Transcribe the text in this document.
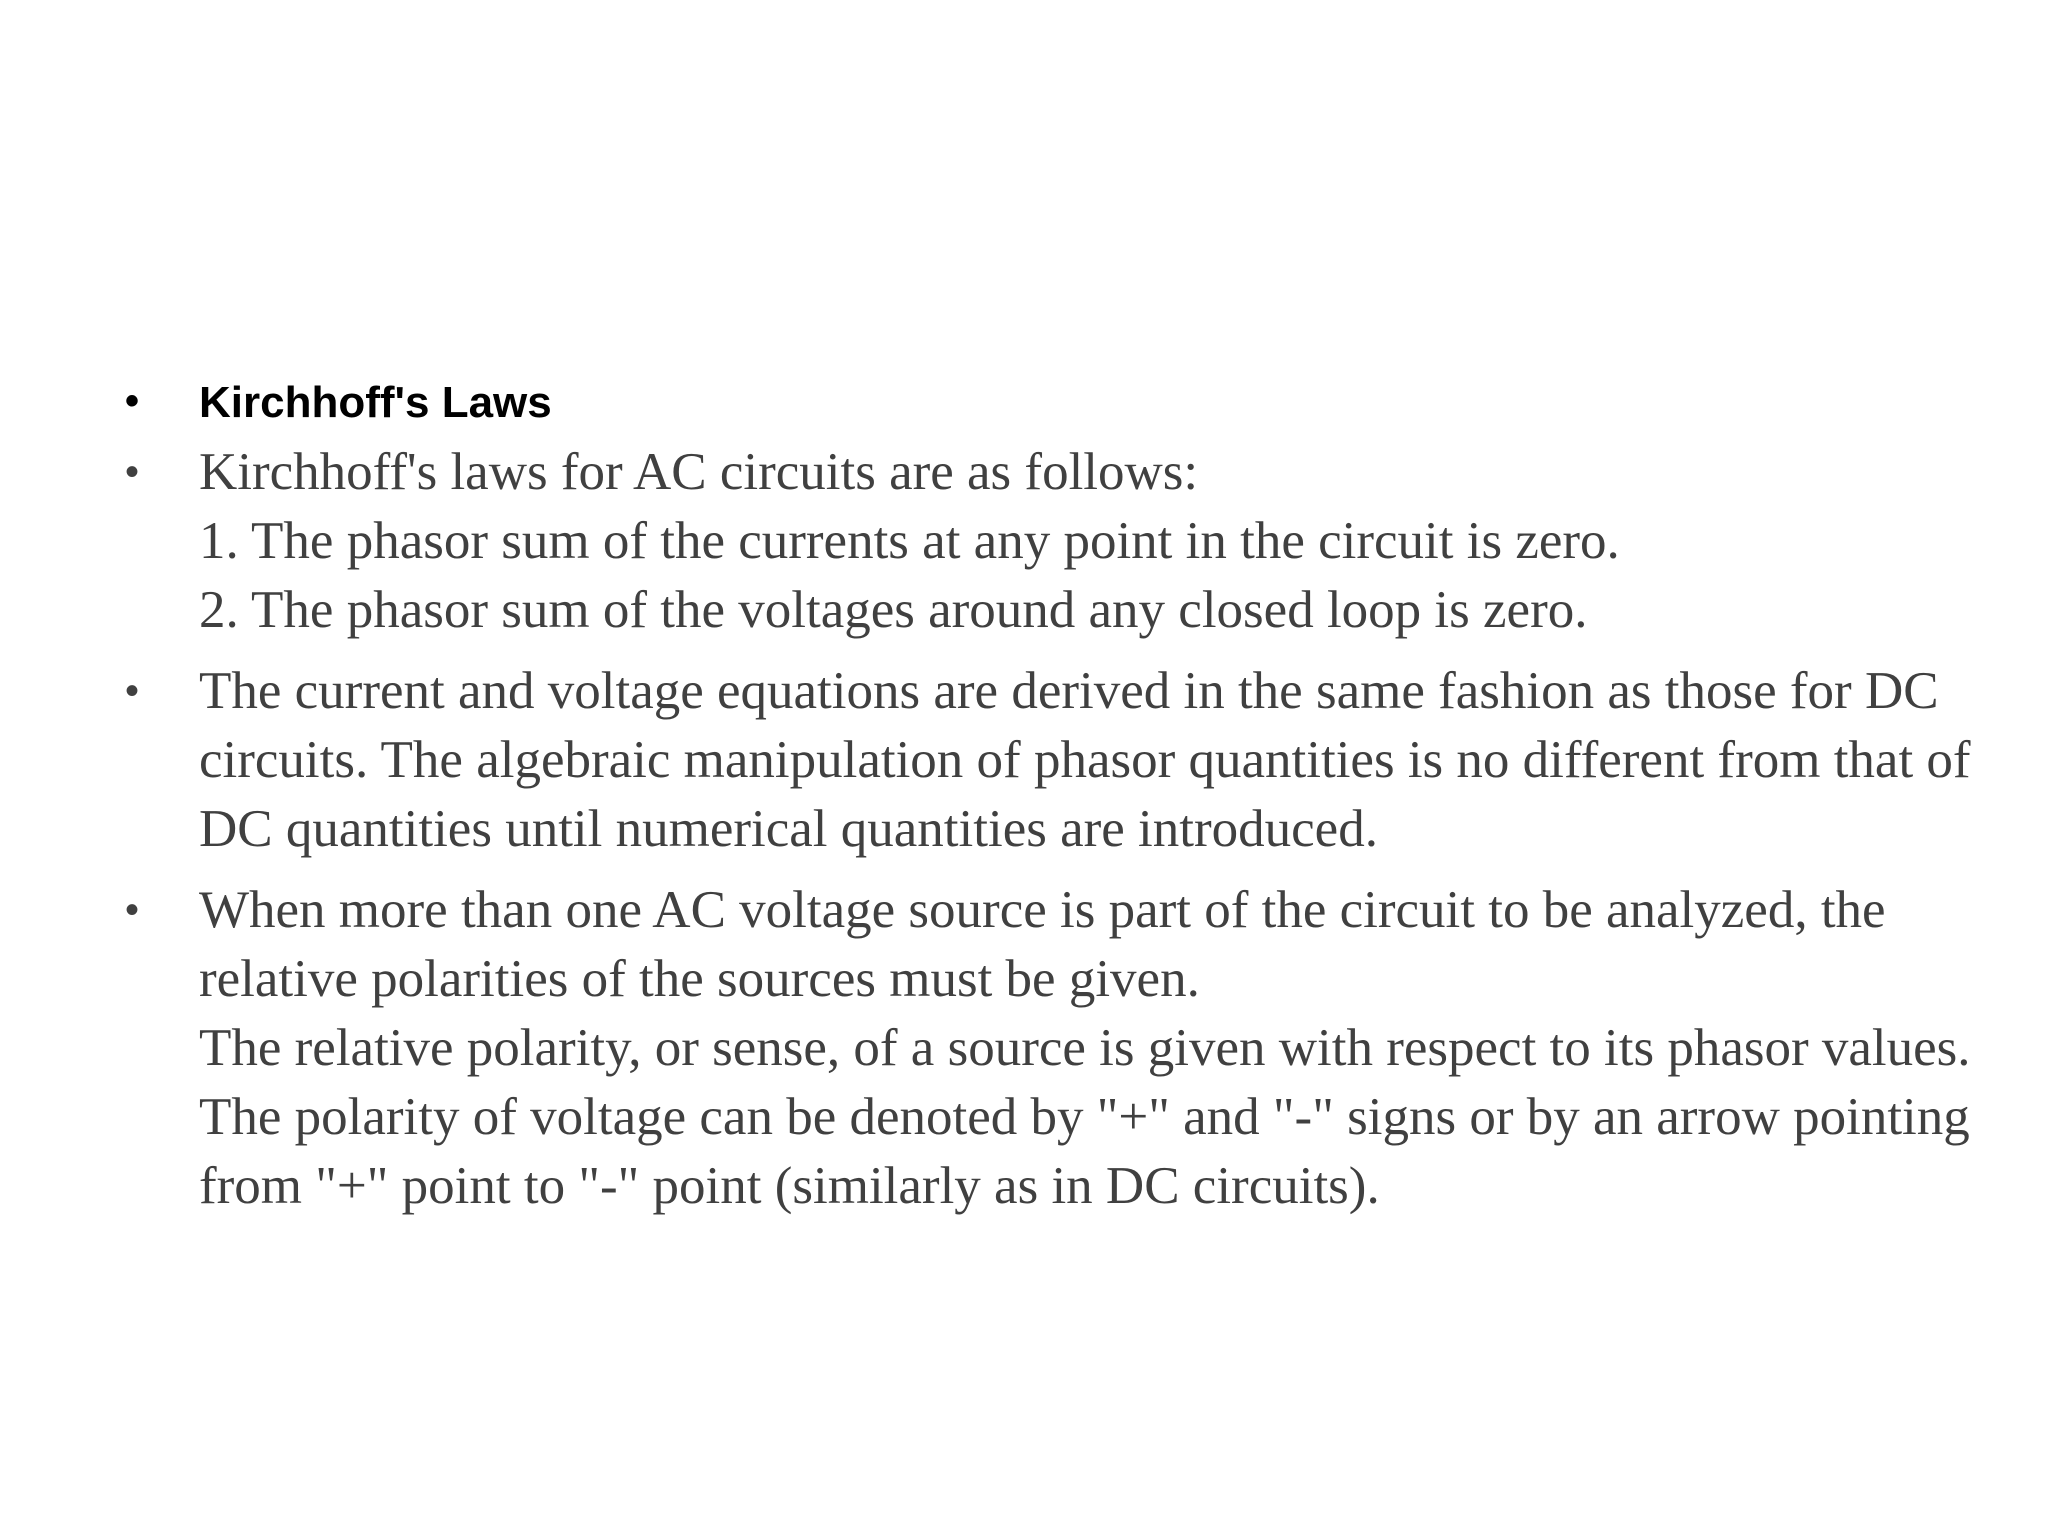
• Kirchhoff's Laws
• Kirchhoff's laws for AC circuits are as follows:
1. The phasor sum of the currents at any point in the circuit is zero.
2. The phasor sum of the voltages around any closed loop is zero.
• The current and voltage equations are derived in the same fashion as those for DC circuits. The algebraic manipulation of phasor quantities is no different from that of DC quantities until numerical quantities are introduced.
• When more than one AC voltage source is part of the circuit to be analyzed, the relative polarities of the sources must be given.
The relative polarity, or sense, of a source is given with respect to its phasor values. The polarity of voltage can be denoted by "+" and "-" signs or by an arrow pointing from "+" point to "-" point (similarly as in DC circuits).
